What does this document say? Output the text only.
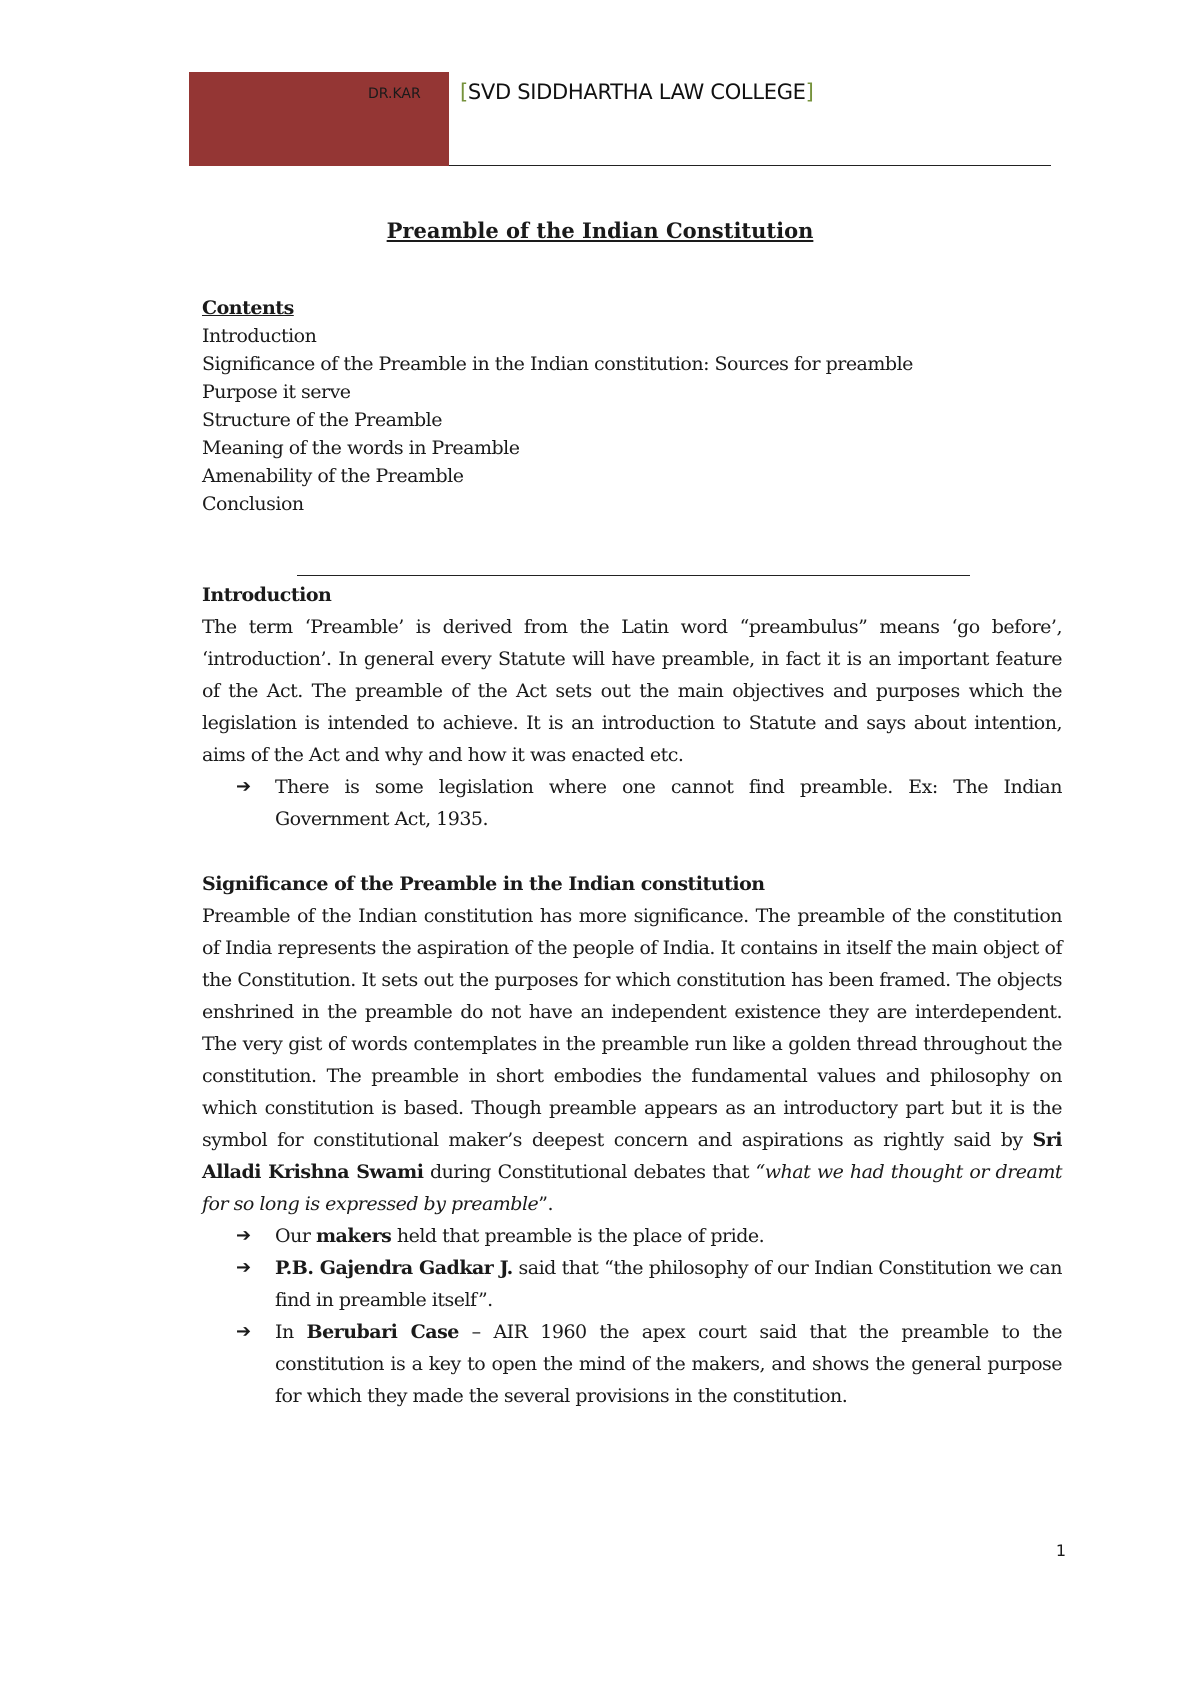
DR.KAR [SVD SIDDHARTHA LAW COLLEGE]
Preamble of the Indian Constitution
Contents
Introduction
Significance of the Preamble in the Indian constitution: Sources for preamble
Purpose it serve
Structure of the Preamble
Meaning of the words in Preamble
Amenability of the Preamble
Conclusion
Introduction

The term ‘Preamble’ is derived from the Latin word “preambulus” means ‘go before’, ‘introduction’. In general every Statute will have preamble, in fact it is an important feature of the Act. The preamble of the Act sets out the main objectives and purposes which the legislation is intended to achieve. It is an introduction to Statute and says about intention, aims of the Act and why and how it was enacted etc.

➔ There is some legislation where one cannot find preamble. Ex: The Indian Government Act, 1935.
Significance of the Preamble in the Indian constitution

Preamble of the Indian constitution has more significance. The preamble of the constitution of India represents the aspiration of the people of India. It contains in itself the main object of the Constitution. It sets out the purposes for which constitution has been framed. The objects enshrined in the preamble do not have an independent existence they are interdependent. The very gist of words contemplates in the preamble run like a golden thread throughout the constitution. The preamble in short embodies the fundamental values and philosophy on which constitution is based. Though preamble appears as an introductory part but it is the symbol for constitutional maker’s deepest concern and aspirations as rightly said by Sri Alladi Krishna Swami during Constitutional debates that “what we had thought or dreamt for so long is expressed by preamble”.

➔ Our makers held that preamble is the place of pride.
➔ P.B. Gajendra Gadkar J. said that “the philosophy of our Indian Constitution we can find in preamble itself”.
➔ In Berubari Case – AIR 1960 the apex court said that the preamble to the constitution is a key to open the mind of the makers, and shows the general purpose for which they made the several provisions in the constitution.
1
